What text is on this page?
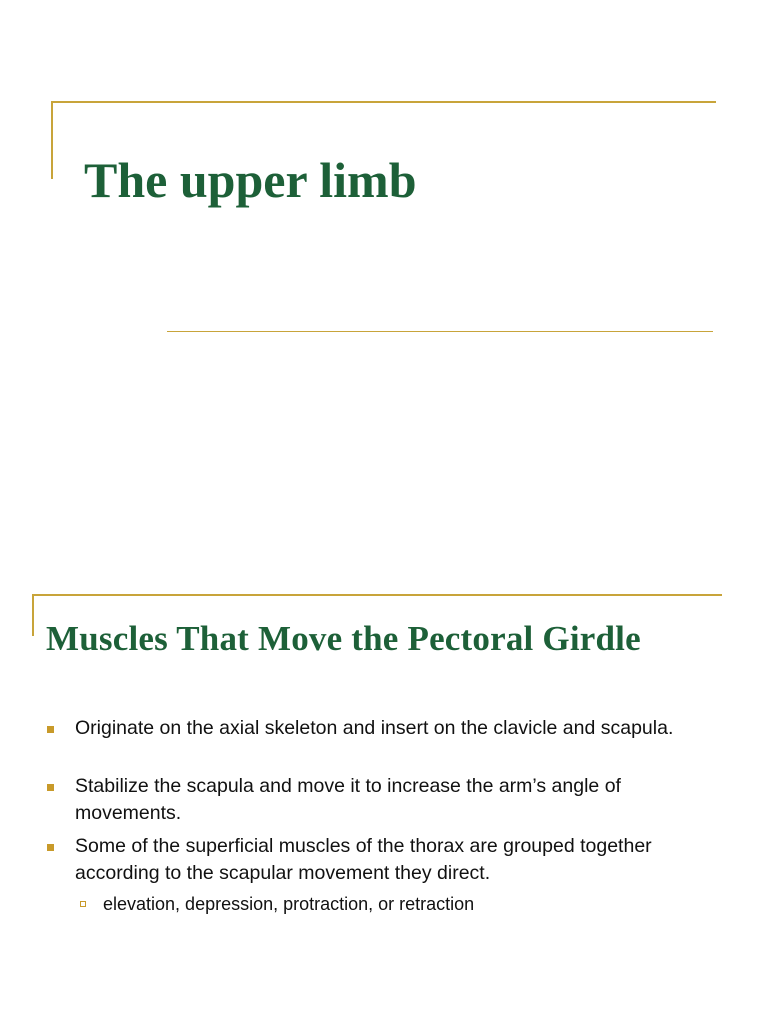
The upper limb
Muscles That Move the Pectoral Girdle
Originate on the axial skeleton and insert on the clavicle and scapula.
Stabilize the scapula and move it to increase the arm’s angle of movements.
Some of the superficial muscles of the thorax are grouped together according to the scapular movement they direct.
elevation, depression, protraction, or retraction
